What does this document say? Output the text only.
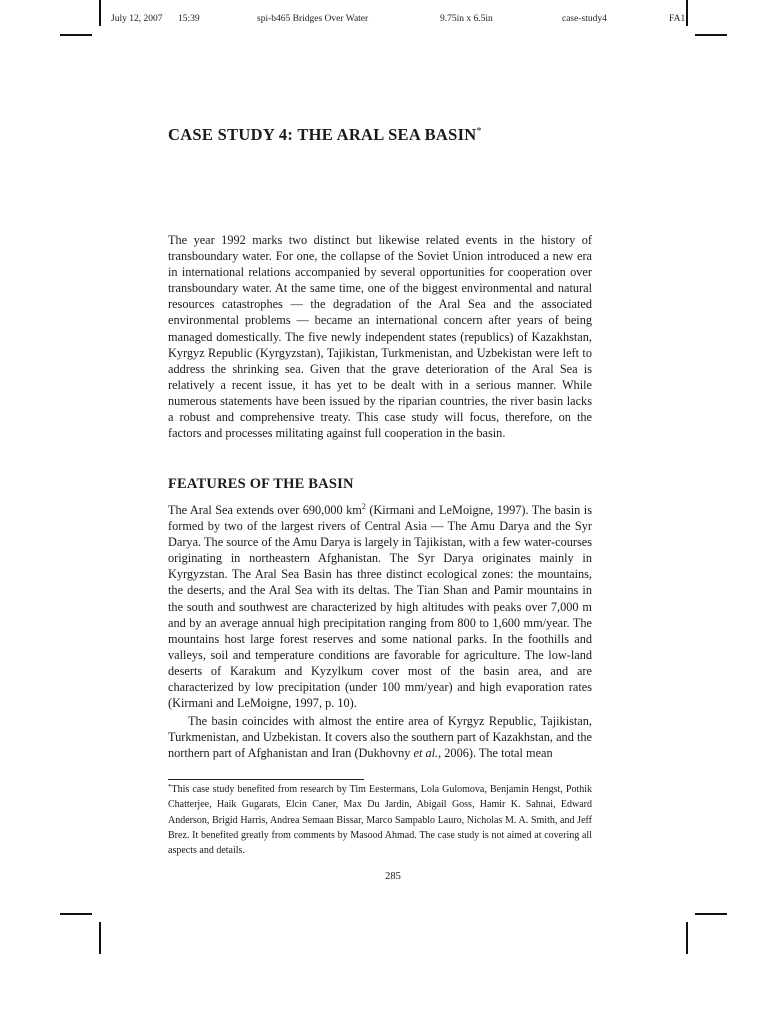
July 12, 2007 15:39	spi-b465 Bridges Over Water	9.75in x 6.5in	case-study4	FA1
CASE STUDY 4: THE ARAL SEA BASIN*

The year 1992 marks two distinct but likewise related events in the history of transboundary water. For one, the collapse of the Soviet Union introduced a new era in international relations accompanied by several opportunities for cooperation over transboundary water. At the same time, one of the biggest environmental and natural resources catastrophes — the degradation of the Aral Sea and the associated environmental problems — became an international concern after years of being managed domestically. The five newly independent states (republics) of Kazakhstan, Kyrgyz Republic (Kyrgyzstan), Tajikistan, Turkmenistan, and Uzbekistan were left to address the shrinking sea. Given that the grave deterioration of the Aral Sea is relatively a recent issue, it has yet to be dealt with in a serious manner. While numerous statements have been issued by the riparian countries, the river basin lacks a robust and comprehensive treaty. This case study will focus, therefore, on the factors and processes militating against full cooperation in the basin.

FEATURES OF THE BASIN

The Aral Sea extends over 690,000 $km^2$ (Kirmani and LeMoigne, 1997). The basin is formed by two of the largest rivers of Central Asia — The Amu Darya and the Syr Darya. The source of the Amu Darya is largely in Tajikistan, with a few water-courses originating in northeastern Afghanistan. The Syr Darya originates mainly in Kyrgyzstan. The Aral Sea Basin has three distinct ecological zones: the mountains, the deserts, and the Aral Sea with its deltas. The Tian Shan and Pamir mountains in the south and southwest are characterized by high altitudes with peaks over 7,000 m and by an average annual high precipitation ranging from 800 to 1,600 mm/year. The mountains host large forest reserves and some national parks. In the foothills and valleys, soil and temperature conditions are favorable for agriculture. The low-land deserts of Karakum and Kyzylkum cover most of the basin area, and are characterized by low precipitation (under 100 mm/year) and high evaporation rates (Kirmani and LeMoigne, 1997, p. 10).

The basin coincides with almost the entire area of Kyrgyz Republic, Tajikistan, Turkmenistan, and Uzbekistan. It covers also the southern part of Kazakhstan, and the northern part of Afghanistan and Iran (Dukhovny et al., 2006). The total mean

*This case study benefited from research by Tim Eestermans, Lola Gulomova, Benjamin Hengst, Pothik Chatterjee, Haik Gugarats, Elcin Caner, Max Du Jardin, Abigail Goss, Hamir K. Sahnai, Edward Anderson, Brigid Harris, Andrea Semaan Bissar, Marco Sampablo Lauro, Nicholas M. A. Smith, and Jeff Brez. It benefited greatly from comments by Masood Ahmad. The case study is not aimed at covering all aspects and details.

285
